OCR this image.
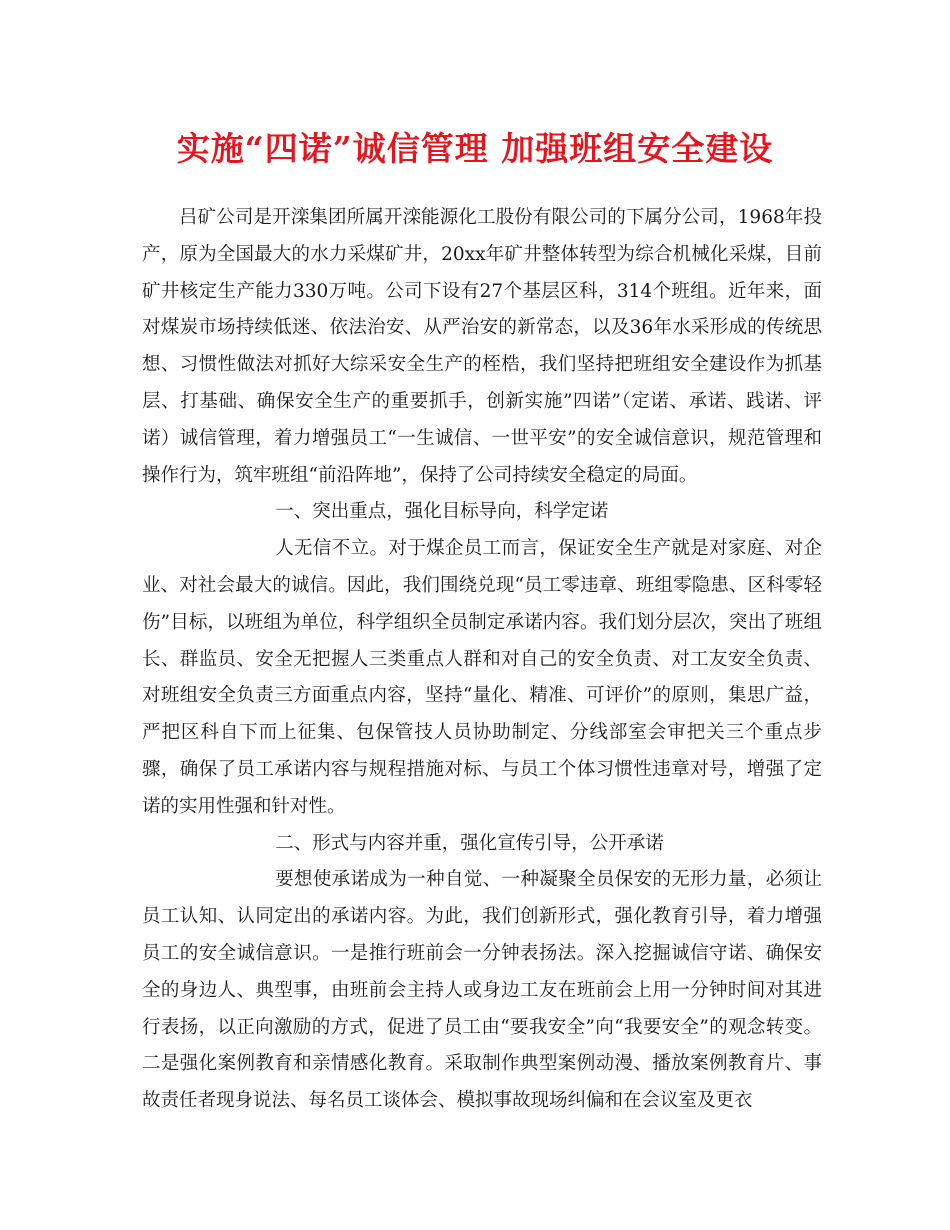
实施“四诺”诚信管理 加强班组安全建设

吕矿公司是开滦集团所属开滦能源化工股份有限公司的下属分公司，1968年投产，原为全国最大的水力采煤矿井，20xx年矿井整体转型为综合机械化采煤，目前矿井核定生产能力330万吨。公司下设有27个基层区科，314个班组。近年来，面对煤炭市场持续低迷、依法治安、从严治安的新常态，以及36年水采形成的传统思想、习惯性做法对抓好大综采安全生产的桎梏，我们坚持把班组安全建设作为抓基层、打基础、确保安全生产的重要抓手，创新实施”四诺”（定诺、承诺、践诺、评诺）诚信管理，着力增强员工“一生诚信、一世平安”的安全诚信意识，规范管理和操作行为，筑牢班组“前沿阵地”，保持了公司持续安全稳定的局面。

一、突出重点，强化目标导向，科学定诺

人无信不立。对于煤企员工而言，保证安全生产就是对家庭、对企业、对社会最大的诚信。因此，我们围绕兑现“员工零违章、班组零隐患、区科零轻伤”目标，以班组为单位，科学组织全员制定承诺内容。我们划分层次，突出了班组长、群监员、安全无把握人三类重点人群和对自己的安全负责、对工友安全负责、对班组安全负责三方面重点内容，坚持“量化、精准、可评价”的原则，集思广益，严把区科自下而上征集、包保管技人员协助制定、分线部室会审把关三个重点步骤，确保了员工承诺内容与规程措施对标、与员工个体习惯性违章对号，增强了定诺的实用性强和针对性。

二、形式与内容并重，强化宣传引导，公开承诺

要想使承诺成为一种自觉、一种凝聚全员保安的无形力量，必须让员工认知、认同定出的承诺内容。为此，我们创新形式，强化教育引导，着力增强员工的安全诚信意识。一是推行班前会一分钟表扬法。深入挖掘诚信守诺、确保安全的身边人、典型事，由班前会主持人或身边工友在班前会上用一分钟时间对其进行表扬，以正向激励的方式，促进了员工由“要我安全”向“我要安全”的观念转变。二是强化案例教育和亲情感化教育。采取制作典型案例动漫、播放案例教育片、事故责任者现身说法、每名员工谈体会、模拟事故现场纠偏和在会议室及更衣
